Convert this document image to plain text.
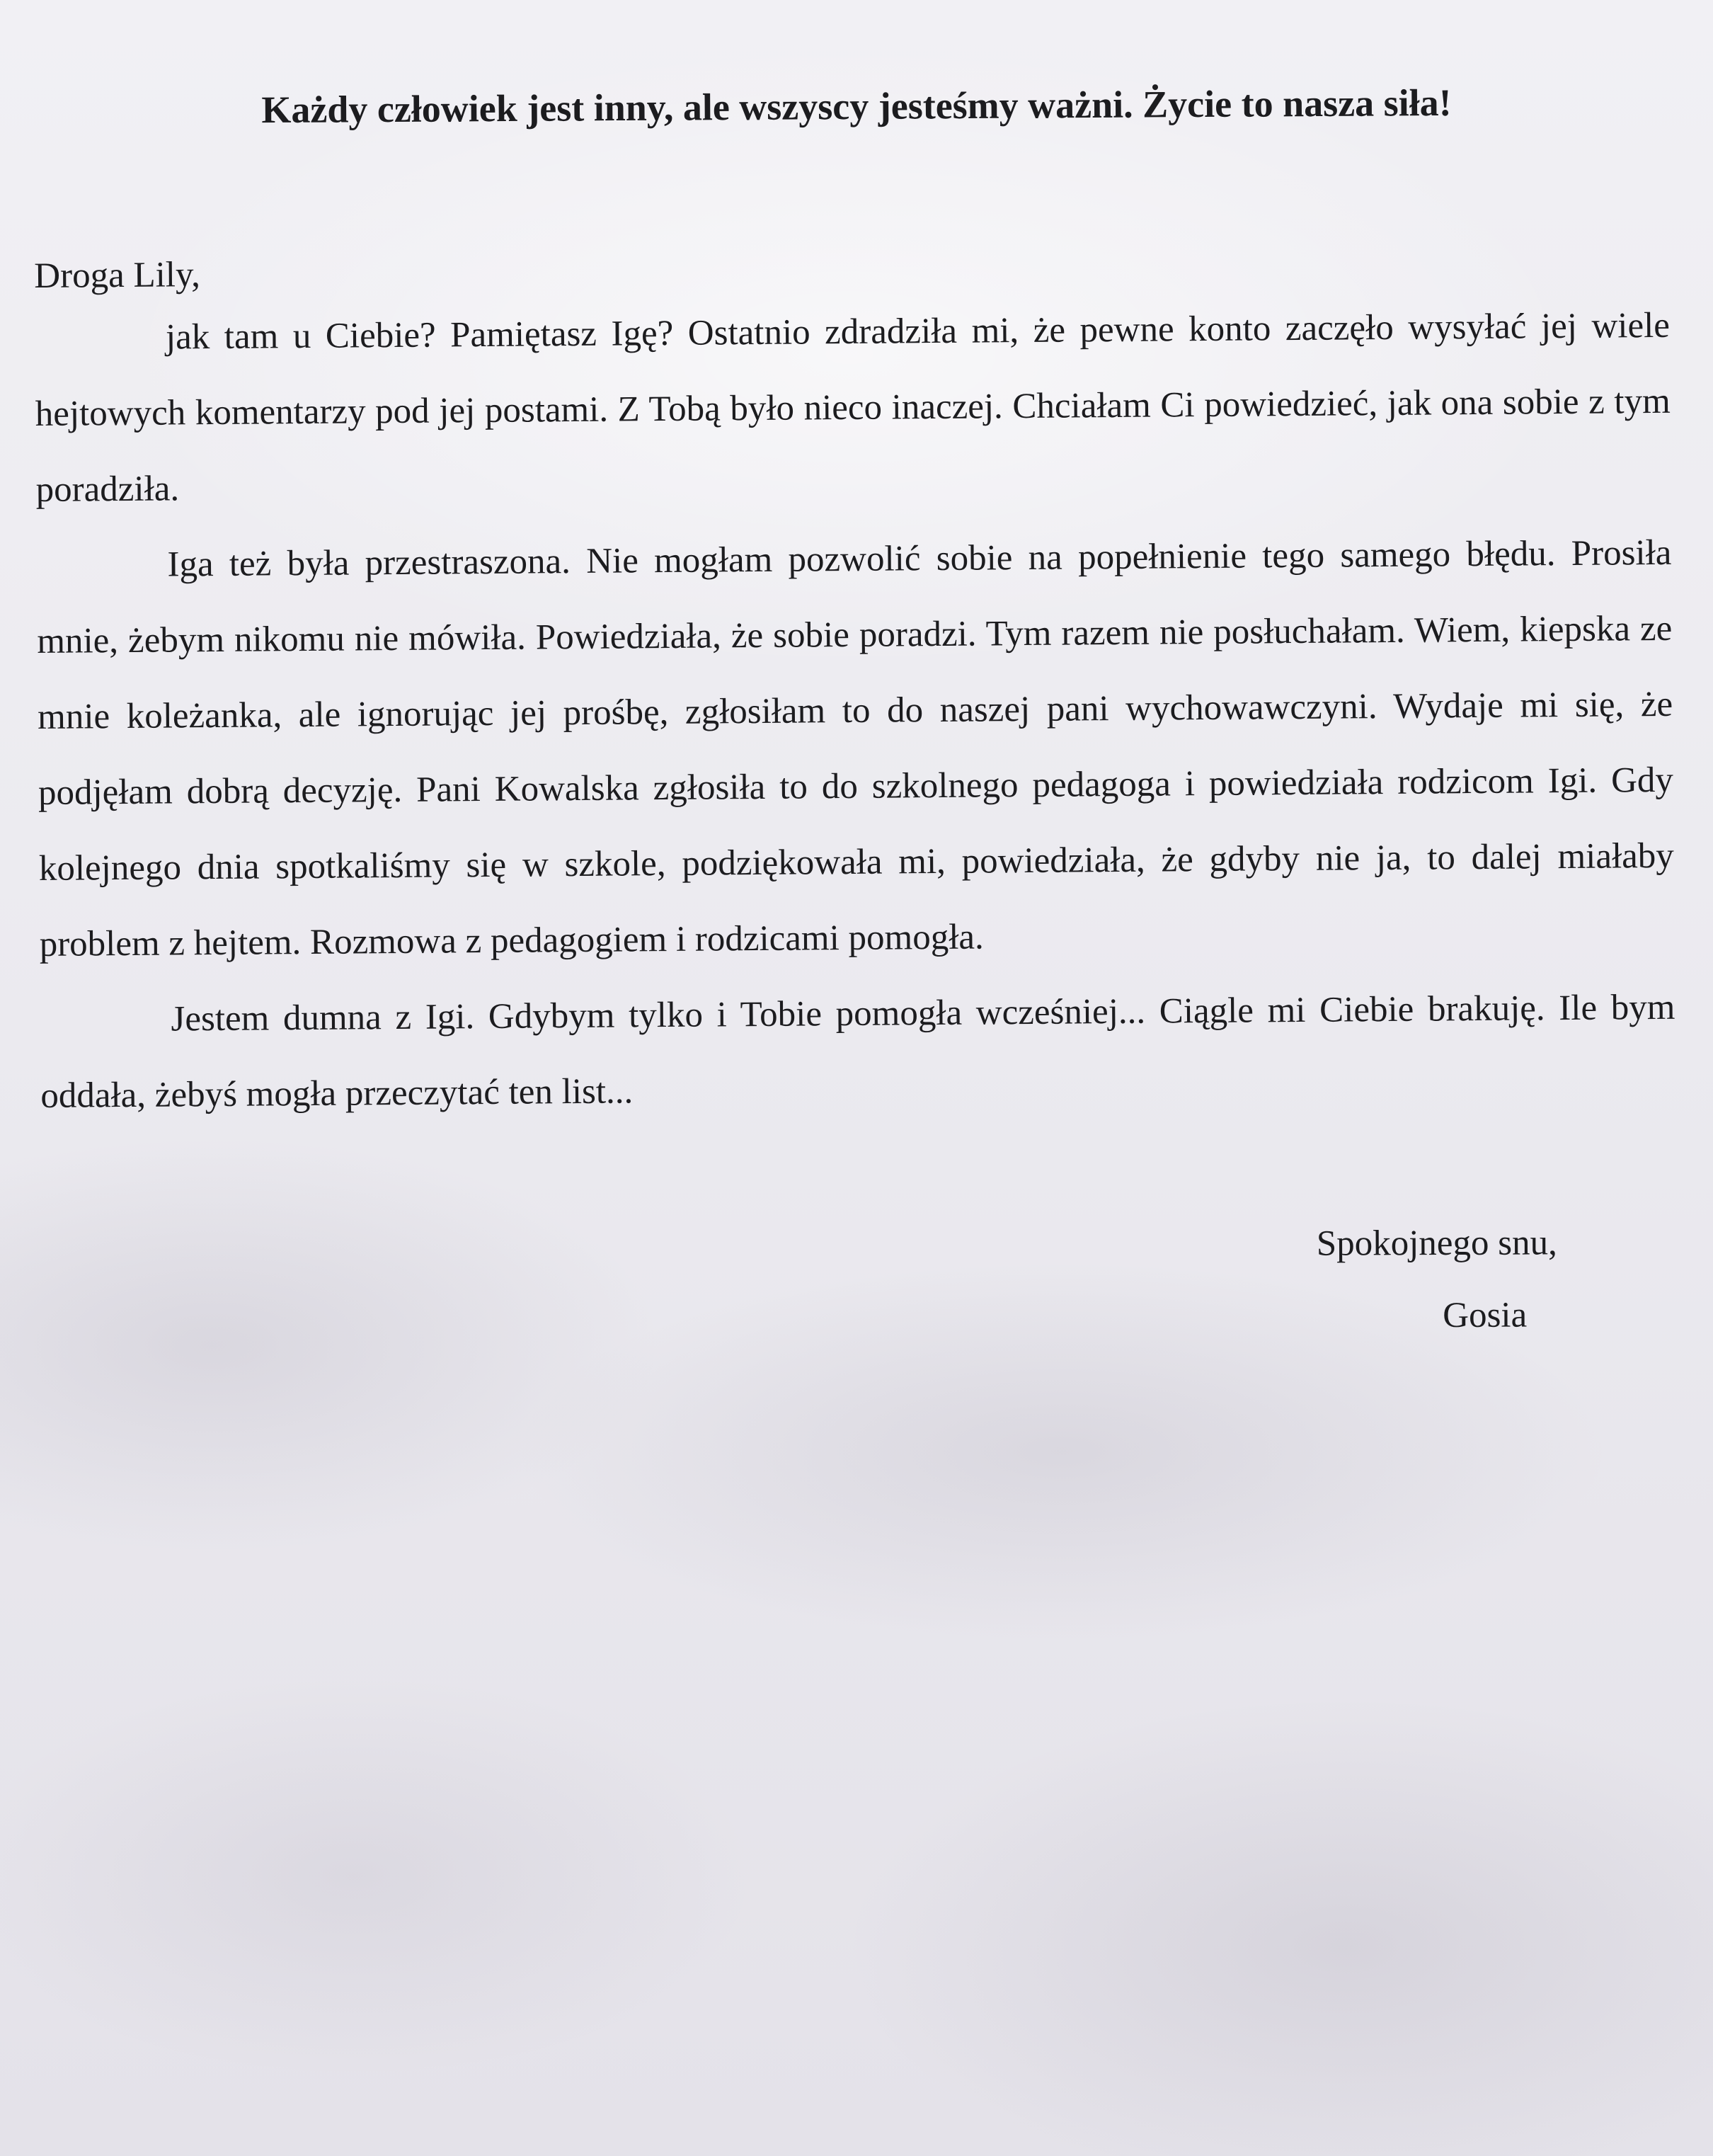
Każdy człowiek jest inny, ale wszyscy jesteśmy ważni. Życie to nasza siła!
Droga Lily,

jak tam u Ciebie? Pamiętasz Igę? Ostatnio zdradziła mi, że pewne konto zaczęło wysyłać jej wiele hejtowych komentarzy pod jej postami. Z Tobą było nieco inaczej. Chciałam Ci powiedzieć, jak ona sobie z tym poradziła.

Iga też była przestraszona. Nie mogłam pozwolić sobie na popełnienie tego samego błędu. Prosiła mnie, żebym nikomu nie mówiła. Powiedziała, że sobie poradzi. Tym razem nie posłuchałam. Wiem, kiepska ze mnie koleżanka, ale ignorując jej prośbę, zgłosiłam to do naszej pani wychowawczyni. Wydaje mi się, że podjęłam dobrą decyzję. Pani Kowalska zgłosiła to do szkolnego pedagoga i powiedziała rodzicom Igi. Gdy kolejnego dnia spotkaliśmy się w szkole, podziękowała mi, powiedziała, że gdyby nie ja, to dalej miałaby problem z hejtem. Rozmowa z pedagogiem i rodzicami pomogła.

Jestem dumna z Igi. Gdybym tylko i Tobie pomogła wcześniej... Ciągle mi Ciebie brakuję. Ile bym oddała, żebyś mogła przeczytać ten list...

Spokojnego snu,
Gosia
